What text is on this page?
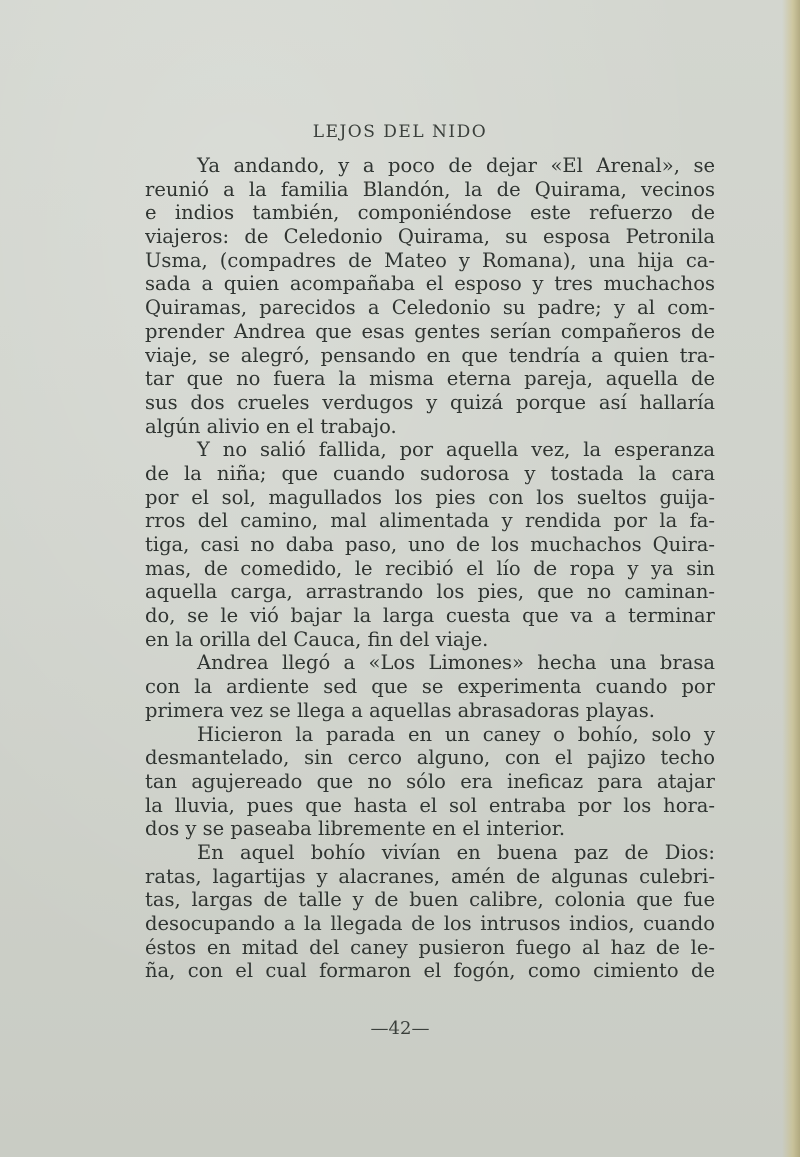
LEJOS DEL NIDO
Ya andando, y a poco de dejar «El Arenal», se
reunió a la familia Blandón, la de Quirama, vecinos
e indios también, componiéndose este refuerzo de
viajeros: de Celedonio Quirama, su esposa Petronila
Usma, (compadres de Mateo y Romana), una hija ca-
sada a quien acompañaba el esposo y tres muchachos
Quiramas, parecidos a Celedonio su padre; y al com-
prender Andrea que esas gentes serían compañeros de
viaje, se alegró, pensando en que tendría a quien tra-
tar que no fuera la misma eterna pareja, aquella de
sus dos crueles verdugos y quizá porque así hallaría
algún alivio en el trabajo.
Y no salió fallida, por aquella vez, la esperanza
de la niña; que cuando sudorosa y tostada la cara
por el sol, magullados los pies con los sueltos guija-
rros del camino, mal alimentada y rendida por la fa-
tiga, casi no daba paso, uno de los muchachos Quira-
mas, de comedido, le recibió el lío de ropa y ya sin
aquella carga, arrastrando los pies, que no caminan-
do, se le vió bajar la larga cuesta que va a terminar
en la orilla del Cauca, fin del viaje.
Andrea llegó a «Los Limones» hecha una brasa
con la ardiente sed que se experimenta cuando por
primera vez se llega a aquellas abrasadoras playas.
Hicieron la parada en un caney o bohío, solo y
desmantelado, sin cerco alguno, con el pajizo techo
tan agujereado que no sólo era ineficaz para atajar
la lluvia, pues que hasta el sol entraba por los hora-
dos y se paseaba libremente en el interior.
En aquel bohío vivían en buena paz de Dios:
ratas, lagartijas y alacranes, amén de algunas culebri-
tas, largas de talle y de buen calibre, colonia que fue
desocupando a la llegada de los intrusos indios, cuando
éstos en mitad del caney pusieron fuego al haz de le-
ña, con el cual formaron el fogón, como cimiento de
—42—
